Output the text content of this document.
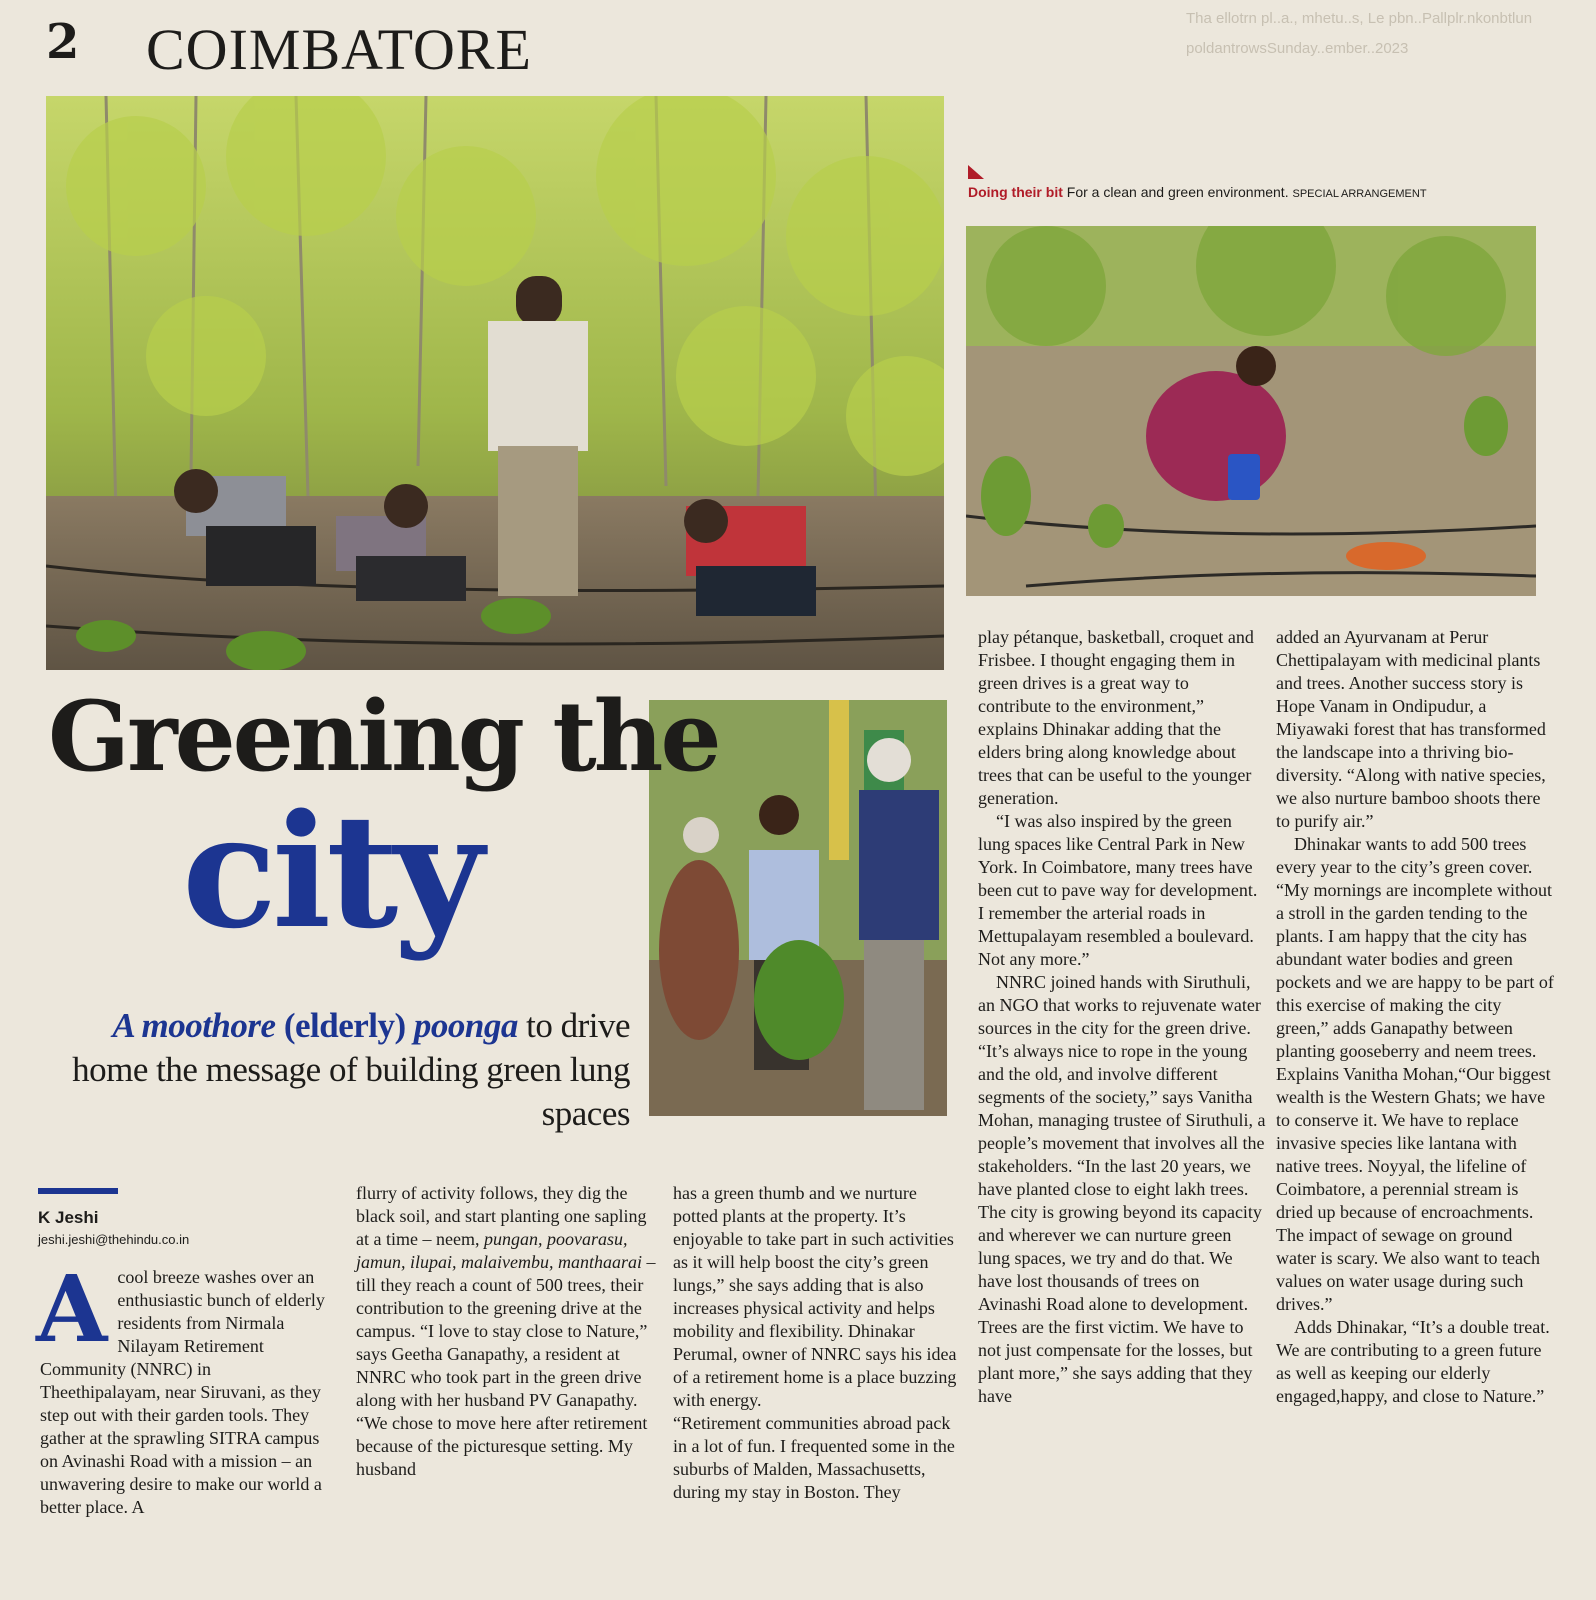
Tha ellotrn pl..a., mhetu..s, Le pbn..Pallplr.nkonbtlun
poldantrowsSunday..ember..2023
2 COIMBATORE
Doing their bit For a clean and green environment. SPECIAL ARRANGEMENT
Greening the
city
A moothore (elderly) poonga to drive home the message of building green lung spaces
K Jeshi
jeshi.jeshi@thehindu.co.in
A cool breeze washes over an enthusiastic bunch of elderly residents from Nirmala Nilayam Retirement Community (NNRC) in Theethipalayam, near Siruvani, as they step out with their garden tools. They gather at the sprawling SITRA campus on Avinashi Road with a mission – an unwavering desire to make our world a better place. A

flurry of activity follows, they dig the black soil, and start planting one sapling at a time – neem, pungan, poovarasu, jamun, ilupai, malaivembu, manthaarai – till they reach a count of 500 trees, their contribution to the greening drive at the campus. “I love to stay close to Nature,” says Geetha Ganapathy, a resident at NNRC who took part in the green drive along with her husband PV Ganapathy. “We chose to move here after retirement because of the picturesque setting. My husband

has a green thumb and we nurture potted plants at the property. It’s enjoyable to take part in such activities as it will help boost the city’s green lungs,” she says adding that is also increases physical activity and helps mobility and flexibility. Dhinakar Perumal, owner of NNRC says his idea of a retirement home is a place buzzing with energy.

“Retirement communities abroad pack in a lot of fun. I frequented some in the suburbs of Malden, Massachusetts, during my stay in Boston. They

play pétanque, basketball, croquet and Frisbee. I thought engaging them in green drives is a great way to contribute to the environment,” explains Dhinakar adding that the elders bring along knowledge about trees that can be useful to the younger generation.

“I was also inspired by the green lung spaces like Central Park in New York. In Coimbatore, many trees have been cut to pave way for development. I remember the arterial roads in Mettupalayam resembled a boulevard. Not any more.”

NNRC joined hands with Siruthuli, an NGO that works to rejuvenate water sources in the city for the green drive. “It’s always nice to rope in the young and the old, and involve different segments of the society,” says Vanitha Mohan, managing trustee of Siruthuli, a people’s movement that involves all the stakeholders. “In the last 20 years, we have planted close to eight lakh trees. The city is growing beyond its capacity and wherever we can nurture green lung spaces, we try and do that. We have lost thousands of trees on Avinashi Road alone to development. Trees are the first victim. We have to not just compensate for the losses, but plant more,” she says adding that they have

added an Ayurvanam at Perur Chettipalayam with medicinal plants and trees. Another success story is Hope Vanam in Ondipudur, a Miyawaki forest that has transformed the landscape into a thriving bio-diversity. “Along with native species, we also nurture bamboo shoots there to purify air.”

Dhinakar wants to add 500 trees every year to the city’s green cover. “My mornings are incomplete without a stroll in the garden tending to the plants. I am happy that the city has abundant water bodies and green pockets and we are happy to be part of this exercise of making the city green,” adds Ganapathy between planting gooseberry and neem trees.

Explains Vanitha Mohan,“Our biggest wealth is the Western Ghats; we have to conserve it. We have to replace invasive species like lantana with native trees. Noyyal, the lifeline of Coimbatore, a perennial stream is dried up because of encroachments. The impact of sewage on ground water is scary. We also want to teach values on water usage during such drives.”

Adds Dhinakar, “It’s a double treat. We are contributing to a green future as well as keeping our elderly engaged,happy, and close to Nature.”
